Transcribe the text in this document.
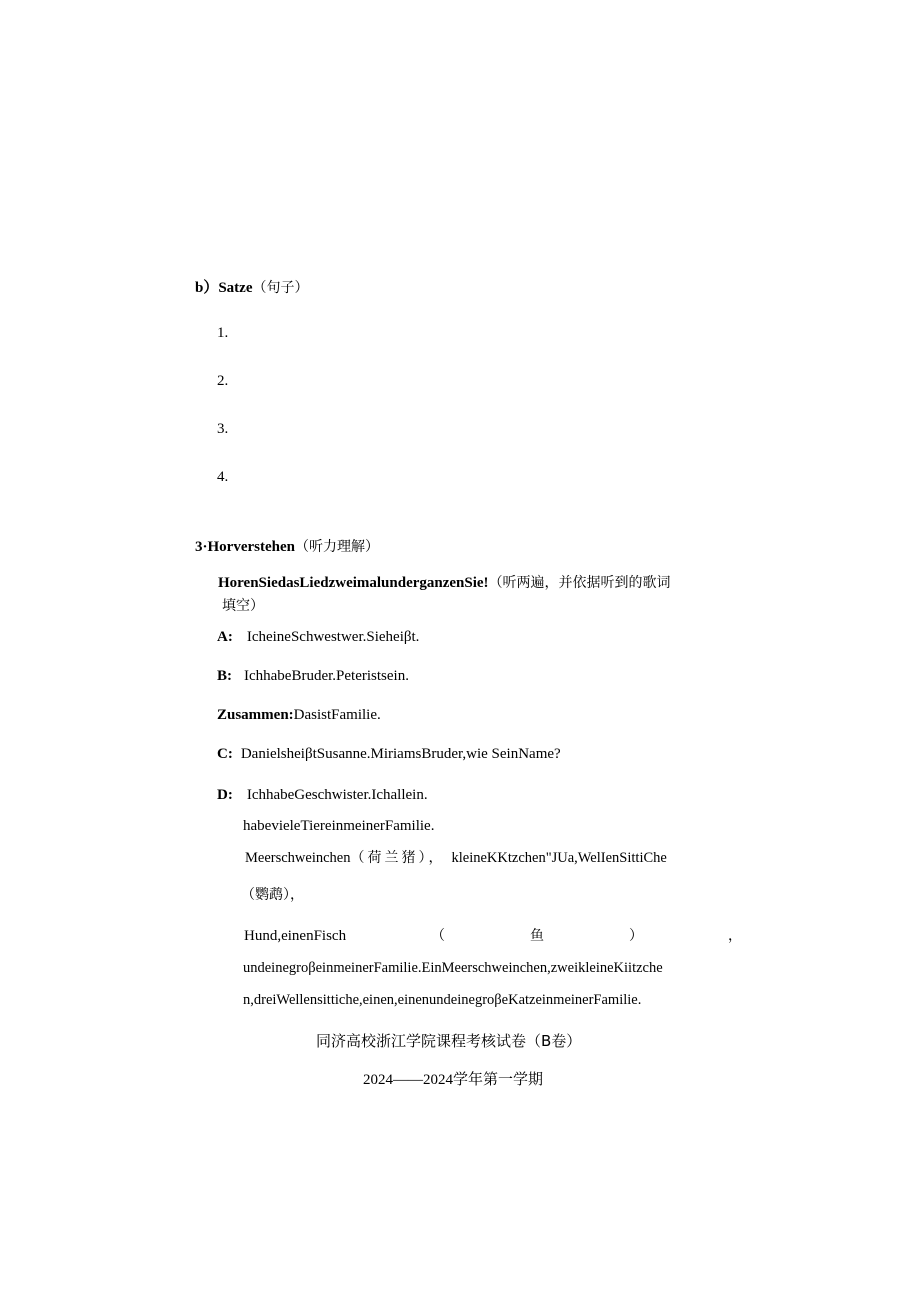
b）Satze（句子）
1.
2.
3.
4.
3·Horverstehen（听力理解）
HorenSiedasLiedzweimalunderganzenSie!（听两遍，并依据听到的歌词
填空）
A: IcheineSchwestwer.Sieheiβt.
B: IchhabeBruder.Peteristsein.
Zusammen:DasistFamilie.
C: DanielsheiβtSusanne.MiriamsBruder,wie SeinName?
D: IchhabeGeschwister.Ichallein.
habevieleTiereinmeinerFamilie.
Meerschweinchen（荷兰猪）， kleineKKtzchen"JUa,WelIenSittiChe
（鹦鹉），
Hund,einenFisch	（	鱼	）	，
undeinegroβeinmeinerFamilie.EinMeerschweinchen,zweikleineKiitzche
n,dreiWellensittiche,einen,einenundeinegroβeKatzeinmeinerFamilie.
同济高校浙江学院课程考核试卷（B卷）
2024——2024学年第一学期
